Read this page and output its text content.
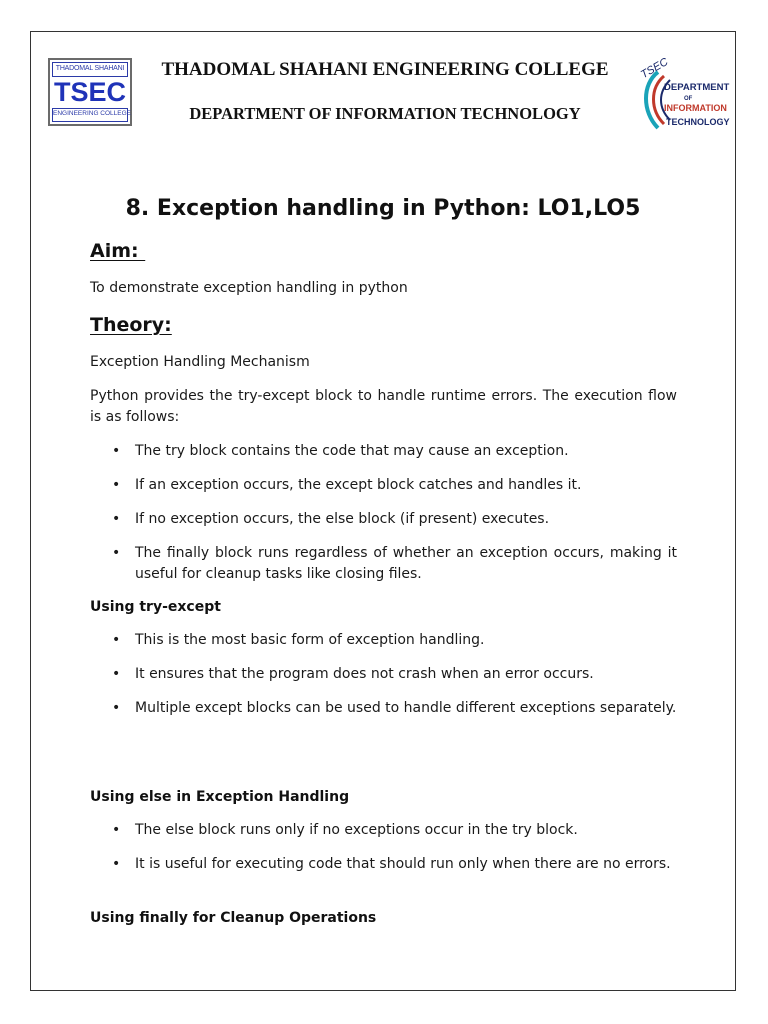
THADOMAL SHAHANI
TSEC
ENGINEERING COLLEGE
THADOMAL SHAHANI ENGINEERING COLLEGE
DEPARTMENT OF INFORMATION TECHNOLOGY
TSEC
DEPARTMENT
OF
INFORMATION
TECHNOLOGY
8. Exception handling in Python: LO1,LO5
Aim:
To demonstrate exception handling in python
Theory:
Exception Handling Mechanism
Python provides the try-except block to handle runtime errors. The execution flow is as follows:
• The try block contains the code that may cause an exception.
• If an exception occurs, the except block catches and handles it.
• If no exception occurs, the else block (if present) executes.
• The finally block runs regardless of whether an exception occurs, making it useful for cleanup tasks like closing files.
Using try-except
• This is the most basic form of exception handling.
• It ensures that the program does not crash when an error occurs.
• Multiple except blocks can be used to handle different exceptions separately.
Using else in Exception Handling
• The else block runs only if no exceptions occur in the try block.
• It is useful for executing code that should run only when there are no errors.
Using finally for Cleanup Operations
